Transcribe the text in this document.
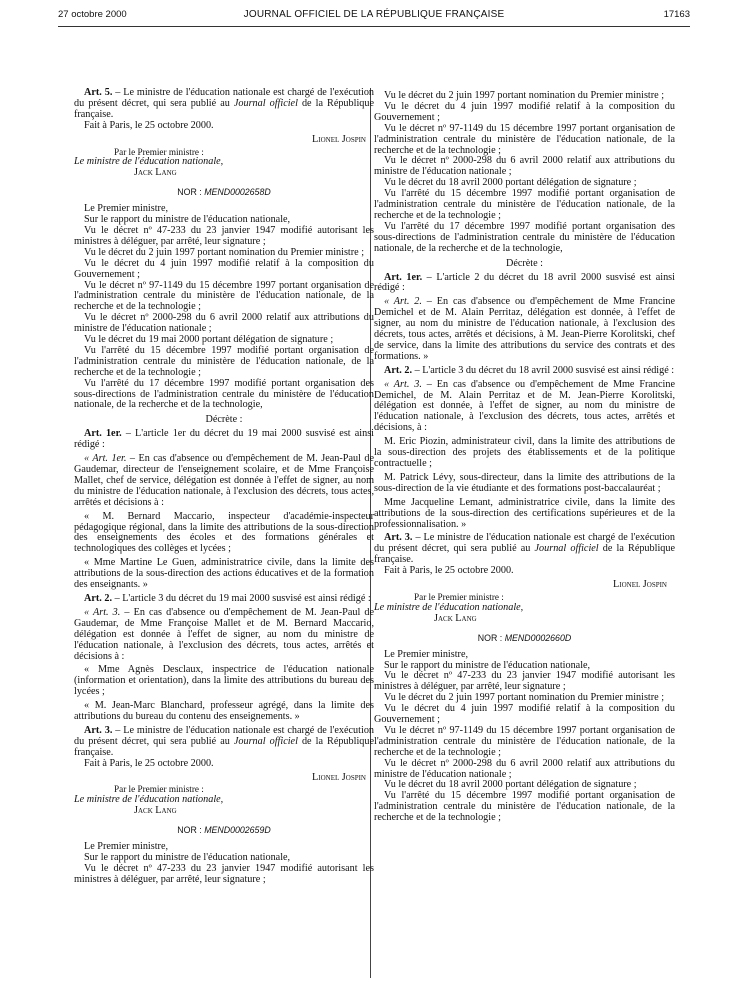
27 octobre 2000	JOURNAL OFFICIEL DE LA RÉPUBLIQUE FRANÇAISE	17163

Art. 5. – Le ministre de l'éducation nationale est chargé de l'exécution du présent décret, qui sera publié au Journal officiel de la République française.

Fait à Paris, le 25 octobre 2000.

Lionel Jospin

Par le Premier ministre :

Le ministre de l'éducation nationale,

Jack Lang

NOR : MEND0002658D

Le Premier ministre,

Sur le rapport du ministre de l'éducation nationale,

Vu le décret nº 47-233 du 23 janvier 1947 modifié autorisant les ministres à déléguer, par arrêté, leur signature ;

Vu le décret du 2 juin 1997 portant nomination du Premier ministre ;

Vu le décret du 4 juin 1997 modifié relatif à la composition du Gouvernement ;

Vu le décret nº 97-1149 du 15 décembre 1997 portant organisation de l'administration centrale du ministère de l'éducation nationale, de la recherche et de la technologie ;

Vu le décret nº 2000-298 du 6 avril 2000 relatif aux attributions du ministre de l'éducation nationale ;

Vu le décret du 19 mai 2000 portant délégation de signature ;

Vu l'arrêté du 15 décembre 1997 modifié portant organisation de l'administration centrale du ministère de l'éducation nationale, de la recherche et de la technologie ;

Vu l'arrêté du 17 décembre 1997 modifié portant organisation des sous-directions de l'administration centrale du ministère de l'éducation nationale, de la recherche et de la technologie,

Décrète :

Art. 1er. – L'article 1er du décret du 19 mai 2000 susvisé est ainsi rédigé :

« Art. 1er. – En cas d'absence ou d'empêchement de M. Jean-Paul de Gaudemar, directeur de l'enseignement scolaire, et de Mme Françoise Mallet, chef de service, délégation est donnée à l'effet de signer, au nom du ministre de l'éducation nationale, à l'exclusion des décrets, tous actes, arrêtés et décisions à :

« M. Bernard Maccario, inspecteur d'académie-inspecteur pédagogique régional, dans la limite des attributions de la sous-direction des enseignements des écoles et des formations générales et technologiques des collèges et lycées ;

« Mme Martine Le Guen, administratrice civile, dans la limite des attributions de la sous-direction des actions éducatives et de la formation des enseignants. »

Art. 2. – L'article 3 du décret du 19 mai 2000 susvisé est ainsi rédigé :

« Art. 3. – En cas d'absence ou d'empêchement de M. Jean-Paul de Gaudemar, de Mme Françoise Mallet et de M. Bernard Maccario, délégation est donnée à l'effet de signer, au nom du ministre de l'éducation nationale, à l'exclusion des décrets, tous actes, arrêtés et décisions à :

« Mme Agnès Desclaux, inspectrice de l'éducation nationale (information et orientation), dans la limite des attributions du bureau des lycées ;

« M. Jean-Marc Blanchard, professeur agrégé, dans la limite des attributions du bureau du contenu des enseignements. »

Art. 3. – Le ministre de l'éducation nationale est chargé de l'exécution du présent décret, qui sera publié au Journal officiel de la République française.

Fait à Paris, le 25 octobre 2000.

Lionel Jospin

Par le Premier ministre :

Le ministre de l'éducation nationale,

Jack Lang

NOR : MEND0002659D

Le Premier ministre,

Sur le rapport du ministre de l'éducation nationale,

Vu le décret nº 47-233 du 23 janvier 1947 modifié autorisant les ministres à déléguer, par arrêté, leur signature ;

Vu le décret du 2 juin 1997 portant nomination du Premier ministre ;

Vu le décret du 4 juin 1997 modifié relatif à la composition du Gouvernement ;

Vu le décret nº 97-1149 du 15 décembre 1997 portant organisation de l'administration centrale du ministère de l'éducation nationale, de la recherche et de la technologie ;

Vu le décret nº 2000-298 du 6 avril 2000 relatif aux attributions du ministre de l'éducation nationale ;

Vu le décret du 18 avril 2000 portant délégation de signature ;

Vu l'arrêté du 15 décembre 1997 modifié portant organisation de l'administration centrale du ministère de l'éducation nationale, de la recherche et de la technologie ;

Vu l'arrêté du 17 décembre 1997 modifié portant organisation des sous-directions de l'administration centrale du ministère de l'éducation nationale, de la recherche et de la technologie,

Décrète :

Art. 1er. – L'article 2 du décret du 18 avril 2000 susvisé est ainsi rédigé :

« Art. 2. – En cas d'absence ou d'empêchement de Mme Francine Demichel et de M. Alain Perritaz, délégation est donnée, à l'effet de signer, au nom du ministre de l'éducation nationale, à l'exclusion des décrets, tous actes, arrêtés et décisions, à M. Jean-Pierre Korolitski, chef de service, dans la limite des attributions du service des contrats et des formations. »

Art. 2. – L'article 3 du décret du 18 avril 2000 susvisé est ainsi rédigé :

« Art. 3. – En cas d'absence ou d'empêchement de Mme Francine Demichel, de M. Alain Perritaz et de M. Jean-Pierre Korolitski, délégation est donnée, à l'effet de signer, au nom du ministre de l'éducation nationale, à l'exclusion des décrets, tous actes, arrêtés et décisions, à :

M. Eric Piozin, administrateur civil, dans la limite des attributions de la sous-direction des projets des établissements et de la politique contractuelle ;

M. Patrick Lévy, sous-directeur, dans la limite des attributions de la sous-direction de la vie étudiante et des formations post-baccalauréat ;

Mme Jacqueline Lemant, administratrice civile, dans la limite des attributions de la sous-direction des certifications supérieures et de la professionnalisation. »

Art. 3. – Le ministre de l'éducation nationale est chargé de l'exécution du présent décret, qui sera publié au Journal officiel de la République française.

Fait à Paris, le 25 octobre 2000.

Lionel Jospin

Par le Premier ministre :

Le ministre de l'éducation nationale,

Jack Lang

NOR : MEND0002660D

Le Premier ministre,

Sur le rapport du ministre de l'éducation nationale,

Vu le décret nº 47-233 du 23 janvier 1947 modifié autorisant les ministres à déléguer, par arrêté, leur signature ;

Vu le décret du 2 juin 1997 portant nomination du Premier ministre ;

Vu le décret du 4 juin 1997 modifié relatif à la composition du Gouvernement ;

Vu le décret nº 97-1149 du 15 décembre 1997 portant organisation de l'administration centrale du ministère de l'éducation nationale, de la recherche et de la technologie ;

Vu le décret nº 2000-298 du 6 avril 2000 relatif aux attributions du ministre de l'éducation nationale ;

Vu le décret du 18 avril 2000 portant délégation de signature ;

Vu l'arrêté du 15 décembre 1997 modifié portant organisation de l'administration centrale du ministère de l'éducation nationale, de la recherche et de la technologie ;
